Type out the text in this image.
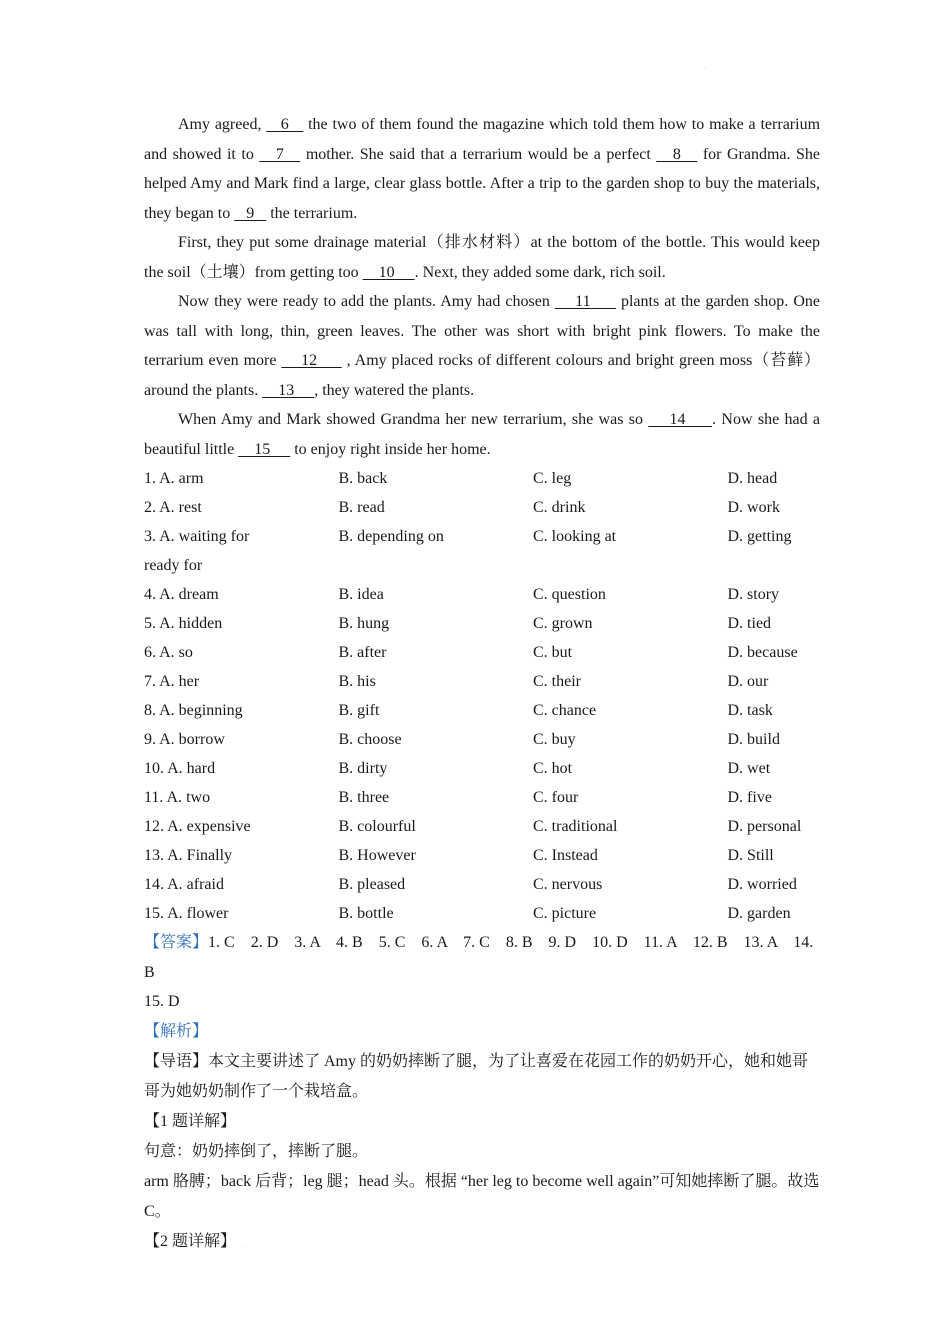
·
·

Amy agreed,    6    the two of them found the magazine which told them how to make a terrarium and showed it to    7    mother. She said that a terrarium would be a perfect    8    for Grandma. She helped Amy and Mark find a large, clear glass bottle. After a trip to the garden shop to buy the materials, they began to    9    the terrarium.

First, they put some drainage material（排水材料）at the bottom of the bottle. This would keep the soil（土壤）from getting too     10     . Next, they added some dark, rich soil.

Now they were ready to add the plants. Amy had chosen     11      plants at the garden shop. One was tall with long, thin, green leaves. The other was short with bright pink flowers. To make the terrarium even more     12      , Amy placed rocks of different colours and bright green moss（苔藓）around the plants.     13     , they watered the plants.

When Amy and Mark showed Grandma her new terrarium, she was so     14     . Now she had a beautiful little     15      to enjoy right inside her home.

1. A. arm	B. back	C. leg	D. head
2. A. rest	B. read	C. drink	D. work
3. A. waiting for	B. depending on	C. looking at	D. getting
ready for
4. A. dream	B. idea	C. question	D. story
5. A. hidden	B. hung	C. grown	D. tied
6. A. so	B. after	C. but	D. because
7. A. her	B. his	C. their	D. our
8. A. beginning	B. gift	C. chance	D. task
9. A. borrow	B. choose	C. buy	D. build
10. A. hard	B. dirty	C. hot	D. wet
11. A. two	B. three	C. four	D. five
12. A. expensive	B. colourful	C. traditional	D. personal
13. A. Finally	B. However	C. Instead	D. Still
14. A. afraid	B. pleased	C. nervous	D. worried
15. A. flower	B. bottle	C. picture	D. garden

【答案】1. C　2. D　3. A　4. B　5. C　6. A　7. C　8. B　9. D　10. D　11. A　12. B　13. A　14. B

15. D

【解析】

【导语】本文主要讲述了 Amy 的奶奶摔断了腿，为了让喜爱在花园工作的奶奶开心，她和她哥哥为她奶奶制作了一个栽培盒。

【1 题详解】

句意：奶奶摔倒了，摔断了腿。

arm 胳膊；back 后背；leg 腿；head 头。根据 “her leg to become well again”可知她摔断了腿。故选 C。

【2 题详解】
